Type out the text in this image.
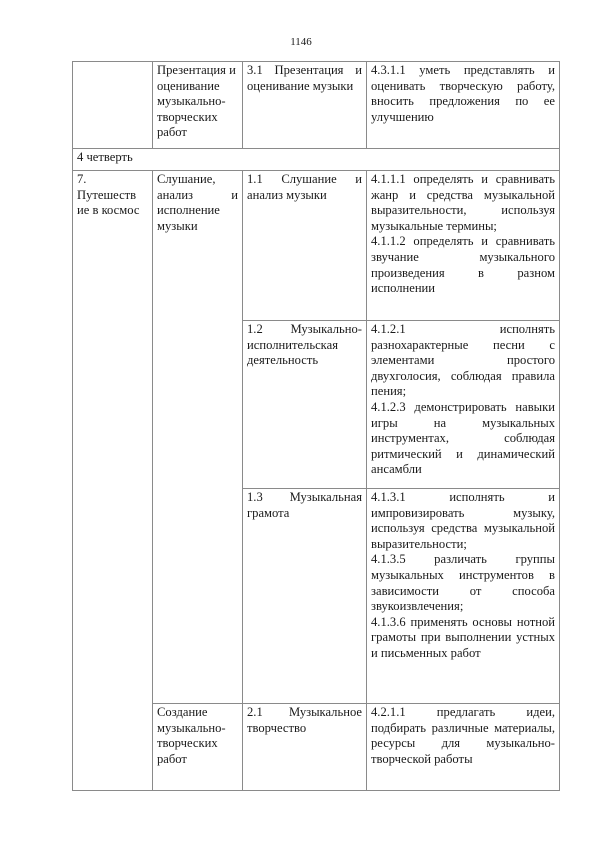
1146
	Презентация и оценивание музыкально-творческих работ	3.1 Презентация и оценивание музыки	4.3.1.1 уметь представлять и оценивать творческую работу, вносить предложения по ее улучшению

4 четверть			
7. Путешеств ие в космос	Слушание, анализ и исполнение музыки	1.1 Слушание и анализ музыки	4.1.1.1 определять и сравнивать жанр и средства музыкальной выразительности, используя музыкальные термины;
4.1.1.2 определять и сравнивать звучание музыкального произведения в разном исполнении

		1.2 Музыкально-исполнительская деятельность	4.1.2.1 исполнять разнохарактерные песни с элементами простого двухголосия, соблюдая правила пения;
4.1.2.3 демонстрировать навыки игры на музыкальных инструментах, соблюдая ритмический и динамический ансамбли

		1.3 Музыкальная грамота	4.1.3.1 исполнять и импровизировать музыку, используя средства музыкальной выразительности;
4.1.3.5 различать группы музыкальных инструментов в зависимости от способа звукоизвлечения;
4.1.3.6 применять основы нотной грамоты при выполнении устных и письменных работ

	Создание музыкально-творческих работ	2.1 Музыкальное творчество	4.2.1.1 предлагать идеи, подбирать различные материалы, ресурсы для музыкально-творческой работы
